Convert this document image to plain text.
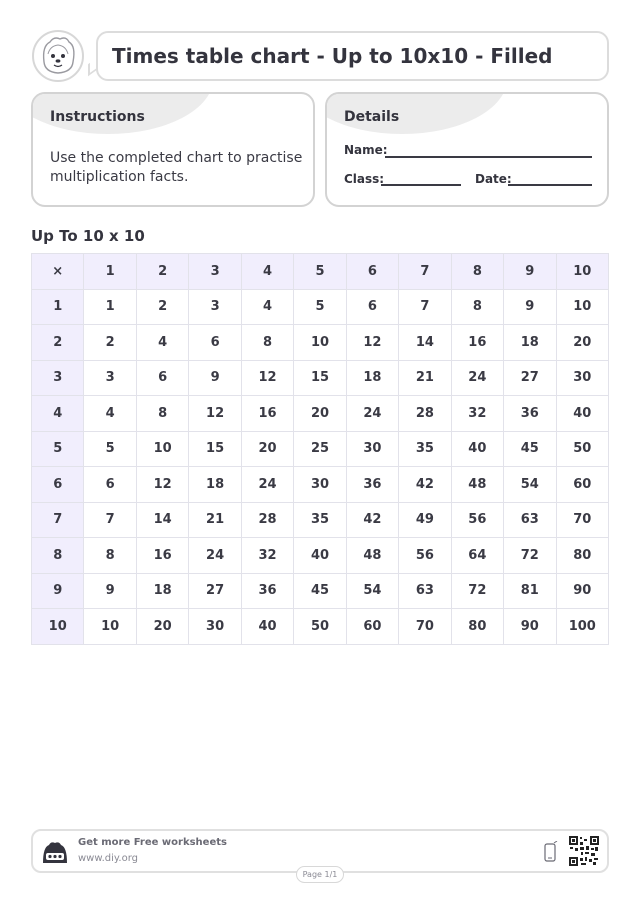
Times table chart - Up to 10x10 - Filled
Instructions
Use the completed chart to practise multiplication facts.
Details
Name:
Class:	Date:
Up To 10 x 10
×	1	2	3	4	5	6	7	8	9	10
1	1	2	3	4	5	6	7	8	9	10
2	2	4	6	8	10	12	14	16	18	20
3	3	6	9	12	15	18	21	24	27	30
4	4	8	12	16	20	24	28	32	36	40
5	5	10	15	20	25	30	35	40	45	50
6	6	12	18	24	30	36	42	48	54	60
7	7	14	21	28	35	42	49	56	63	70
8	8	16	24	32	40	48	56	64	72	80
9	9	18	27	36	45	54	63	72	81	90
10	10	20	30	40	50	60	70	80	90	100
Get more Free worksheets
www.diy.org
Page 1/1
